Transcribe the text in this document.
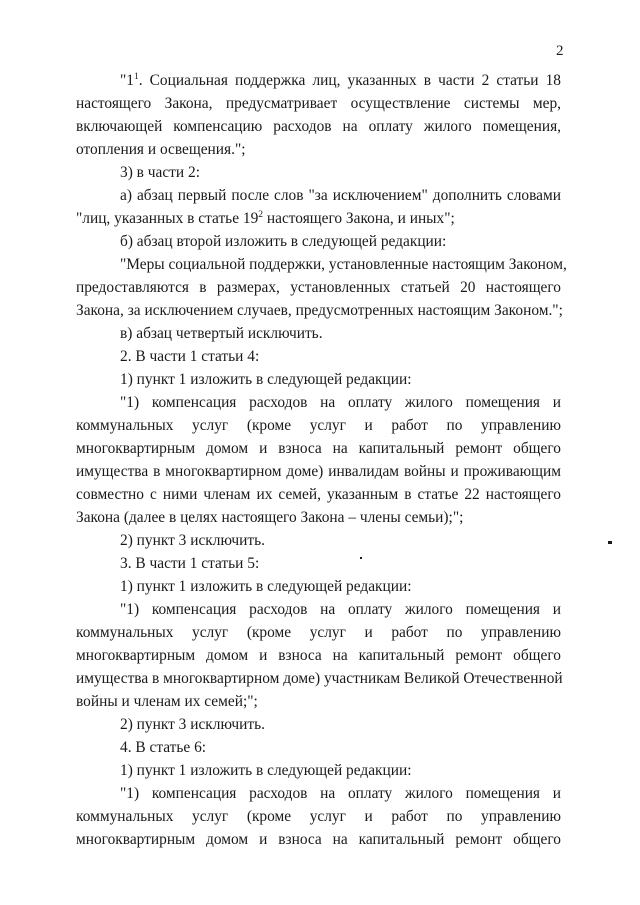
2
"$1^1$. Социальная поддержка лиц, указанных в части 2 статьи 18
настоящего Закона, предусматривает осуществление системы мер,
включающей компенсацию расходов на оплату жилого помещения,
отопления и освещения.";
3) в части 2:
а) абзац первый после слов "за исключением" дополнить словами
"лиц, указанных в статье $19^2$ настоящего Закона, и иных";
б) абзац второй изложить в следующей редакции:
"Меры социальной поддержки, установленные настоящим Законом,
предоставляются в размерах, установленных статьей 20 настоящего
Закона, за исключением случаев, предусмотренных настоящим Законом.";
в) абзац четвертый исключить.
2. В части 1 статьи 4:
1) пункт 1 изложить в следующей редакции:
"1) компенсация расходов на оплату жилого помещения и
коммунальных услуг (кроме услуг и работ по управлению
многоквартирным домом и взноса на капитальный ремонт общего
имущества в многоквартирном доме) инвалидам войны и проживающим
совместно с ними членам их семей, указанным в статье 22 настоящего
Закона (далее в целях настоящего Закона – члены семьи);";
2) пункт 3 исключить.
3. В части 1 статьи 5:
1) пункт 1 изложить в следующей редакции:
"1) компенсация расходов на оплату жилого помещения и
коммунальных услуг (кроме услуг и работ по управлению
многоквартирным домом и взноса на капитальный ремонт общего
имущества в многоквартирном доме) участникам Великой Отечественной
войны и членам их семей;";
2) пункт 3 исключить.
4. В статье 6:
1) пункт 1 изложить в следующей редакции:
"1) компенсация расходов на оплату жилого помещения и
коммунальных услуг (кроме услуг и работ по управлению
многоквартирным домом и взноса на капитальный ремонт общего
